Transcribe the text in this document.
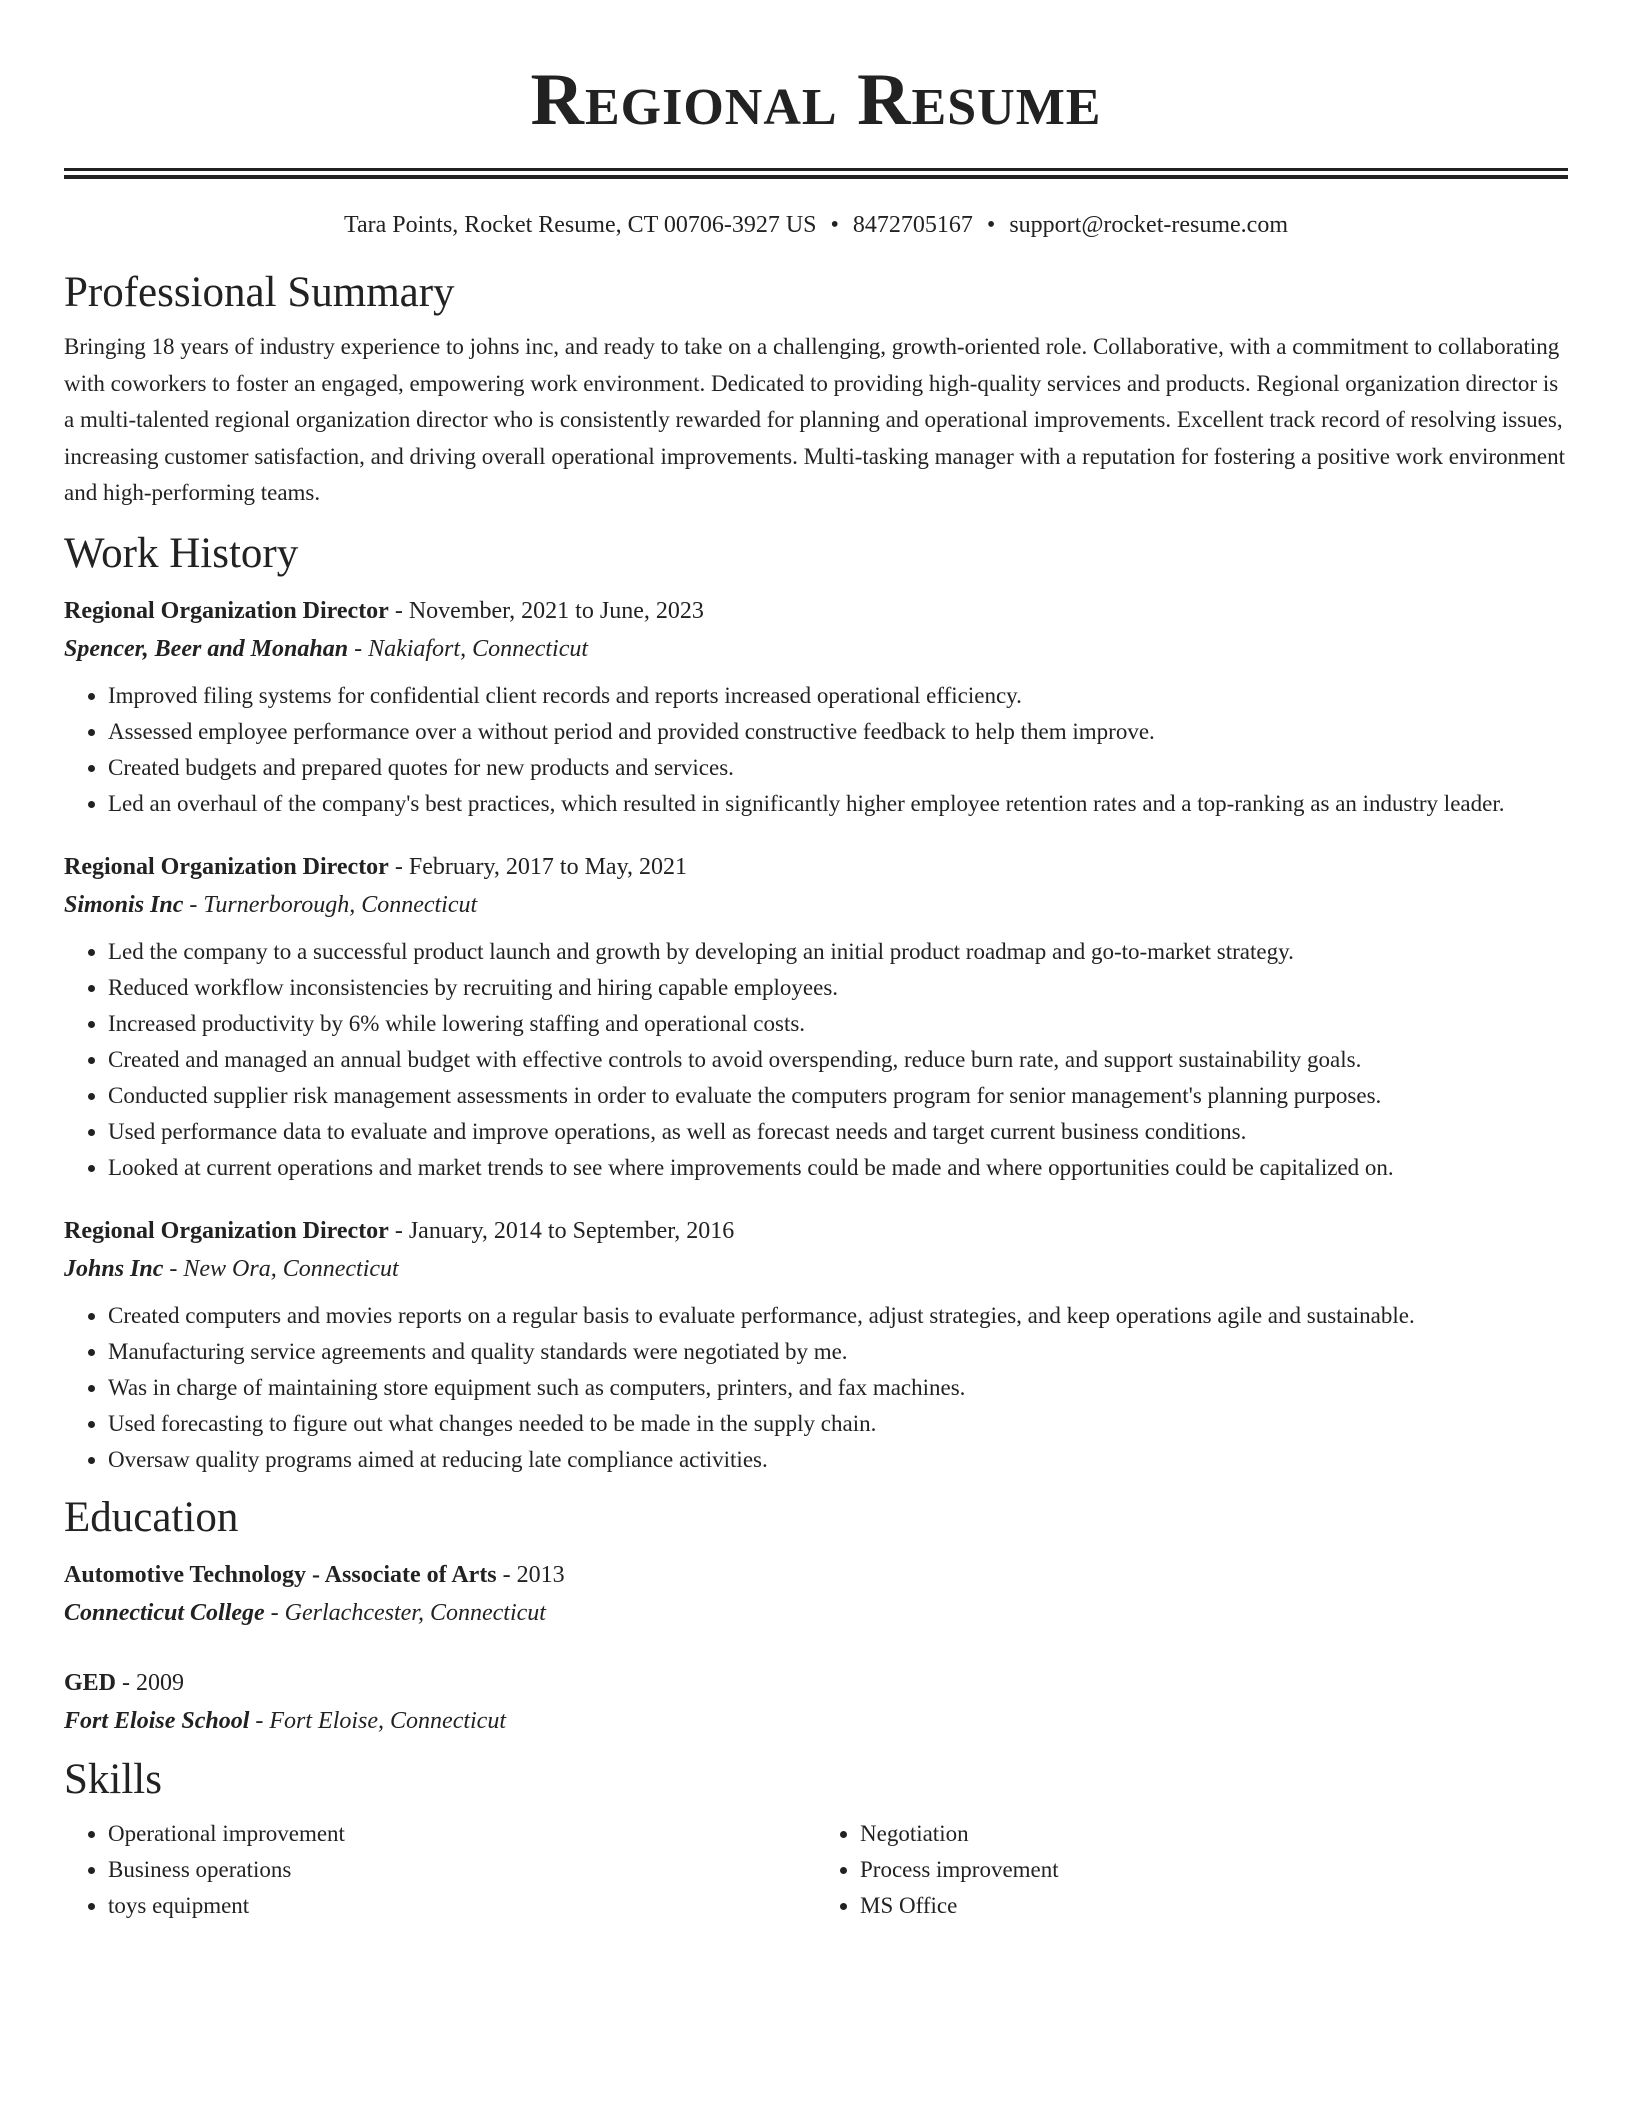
Regional Resume
Tara Points, Rocket Resume, CT 00706-3927 US • 8472705167 • support@rocket-resume.com
Professional Summary

Bringing 18 years of industry experience to johns inc, and ready to take on a challenging, growth-oriented role. Collaborative, with a commitment to collaborating with coworkers to foster an engaged, empowering work environment. Dedicated to providing high-quality services and products. Regional organization director is a multi-talented regional organization director who is consistently rewarded for planning and operational improvements. Excellent track record of resolving issues, increasing customer satisfaction, and driving overall operational improvements. Multi-tasking manager with a reputation for fostering a positive work environment and high-performing teams.

Work History
Regional Organization Director - November, 2021 to June, 2023
Spencer, Beer and Monahan - Nakiafort, Connecticut
• Improved filing systems for confidential client records and reports increased operational efficiency.
• Assessed employee performance over a without period and provided constructive feedback to help them improve.
• Created budgets and prepared quotes for new products and services.
• Led an overhaul of the company's best practices, which resulted in significantly higher employee retention rates and a top-ranking as an industry leader.
Regional Organization Director - February, 2017 to May, 2021
Simonis Inc - Turnerborough, Connecticut
• Led the company to a successful product launch and growth by developing an initial product roadmap and go-to-market strategy.
• Reduced workflow inconsistencies by recruiting and hiring capable employees.
• Increased productivity by 6% while lowering staffing and operational costs.
• Created and managed an annual budget with effective controls to avoid overspending, reduce burn rate, and support sustainability goals.
• Conducted supplier risk management assessments in order to evaluate the computers program for senior management's planning purposes.
• Used performance data to evaluate and improve operations, as well as forecast needs and target current business conditions.
• Looked at current operations and market trends to see where improvements could be made and where opportunities could be capitalized on.
Regional Organization Director - January, 2014 to September, 2016
Johns Inc - New Ora, Connecticut
• Created computers and movies reports on a regular basis to evaluate performance, adjust strategies, and keep operations agile and sustainable.
• Manufacturing service agreements and quality standards were negotiated by me.
• Was in charge of maintaining store equipment such as computers, printers, and fax machines.
• Used forecasting to figure out what changes needed to be made in the supply chain.
• Oversaw quality programs aimed at reducing late compliance activities.
Education
Automotive Technology - Associate of Arts - 2013
Connecticut College - Gerlachcester, Connecticut
GED - 2009
Fort Eloise School - Fort Eloise, Connecticut
Skills
• Operational improvement
• Business operations
• toys equipment
• Negotiation
• Process improvement
• MS Office
